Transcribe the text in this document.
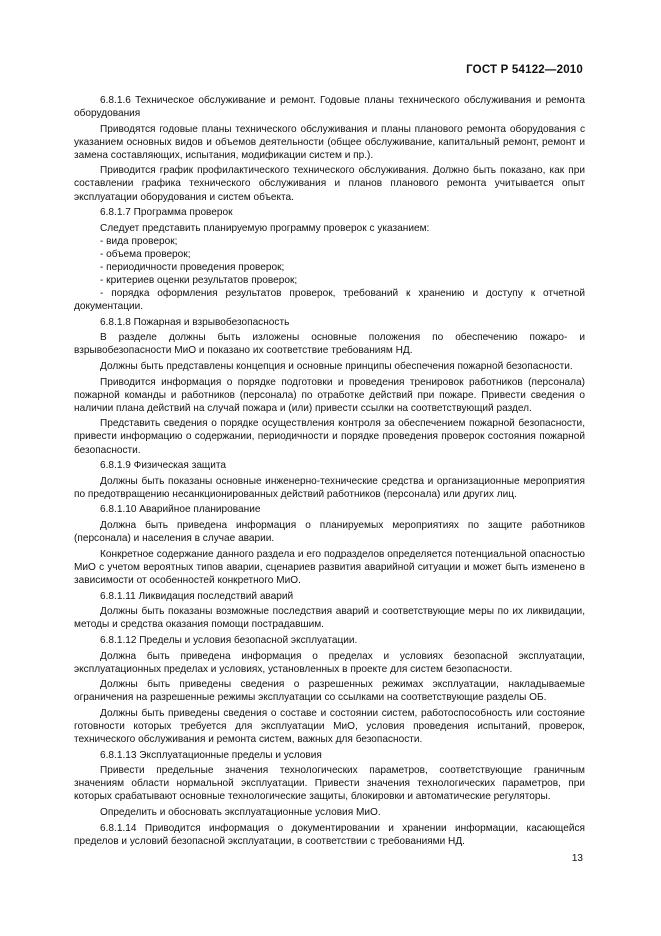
ГОСТ Р 54122—2010

6.8.1.6 Техническое обслуживание и ремонт. Годовые планы технического обслуживания и ремонта оборудования

Приводятся годовые планы технического обслуживания и планы планового ремонта оборудования с указанием основных видов и объемов деятельности (общее обслуживание, капитальный ремонт, ремонт и замена составляющих, испытания, модификации систем и пр.).

Приводится график профилактического технического обслуживания. Должно быть показано, как при составлении графика технического обслуживания и планов планового ремонта учитывается опыт эксплуатации оборудования и систем объекта.

6.8.1.7 Программа проверок

Следует представить планируемую программу проверок с указанием:

- вида проверок;

- объема проверок;

- периодичности проведения проверок;

- критериев оценки результатов проверок;

- порядка оформления результатов проверок, требований к хранению и доступу к отчетной документации.

6.8.1.8 Пожарная и взрывобезопасность

В разделе должны быть изложены основные положения по обеспечению пожаро- и взрывобезопасности МиО и показано их соответствие требованиям НД.

Должны быть представлены концепция и основные принципы обеспечения пожарной безопасности.

Приводится информация о порядке подготовки и проведения тренировок работников (персонала) пожарной команды и работников (персонала) по отработке действий при пожаре. Привести сведения о наличии плана действий на случай пожара и (или) привести ссылки на соответствующий раздел.

Представить сведения о порядке осуществления контроля за обеспечением пожарной безопасности, привести информацию о содержании, периодичности и порядке проведения проверок состояния пожарной безопасности.

6.8.1.9 Физическая защита

Должны быть показаны основные инженерно-технические средства и организационные мероприятия по предотвращению несанкционированных действий работников (персонала) или других лиц.

6.8.1.10 Аварийное планирование

Должна быть приведена информация о планируемых мероприятиях по защите работников (персонала) и населения в случае аварии.

Конкретное содержание данного раздела и его подразделов определяется потенциальной опасностью МиО с учетом вероятных типов аварии, сценариев развития аварийной ситуации и может быть изменено в зависимости от особенностей конкретного МиО.

6.8.1.11 Ликвидация последствий аварий

Должны быть показаны возможные последствия аварий и соответствующие меры по их ликвидации, методы и средства оказания помощи пострадавшим.

6.8.1.12 Пределы и условия безопасной эксплуатации.

Должна быть приведена информация о пределах и условиях безопасной эксплуатации, эксплуатационных пределах и условиях, установленных в проекте для систем безопасности.

Должны быть приведены сведения о разрешенных режимах эксплуатации, накладываемые ограничения на разрешенные режимы эксплуатации со ссылками на соответствующие разделы ОБ.

Должны быть приведены сведения о составе и состоянии систем, работоспособность или состояние готовности которых требуется для эксплуатации МиО, условия проведения испытаний, проверок, технического обслуживания и ремонта систем, важных для безопасности.

6.8.1.13 Эксплуатационные пределы и условия

Привести предельные значения технологических параметров, соответствующие граничным значениям области нормальной эксплуатации. Привести значения технологических параметров, при которых срабатывают основные технологические защиты, блокировки и автоматические регуляторы.

Определить и обосновать эксплуатационные условия МиО.

6.8.1.14 Приводится информация о документировании и хранении информации, касающейся пределов и условий безопасной эксплуатации, в соответствии с требованиями НД.

13
